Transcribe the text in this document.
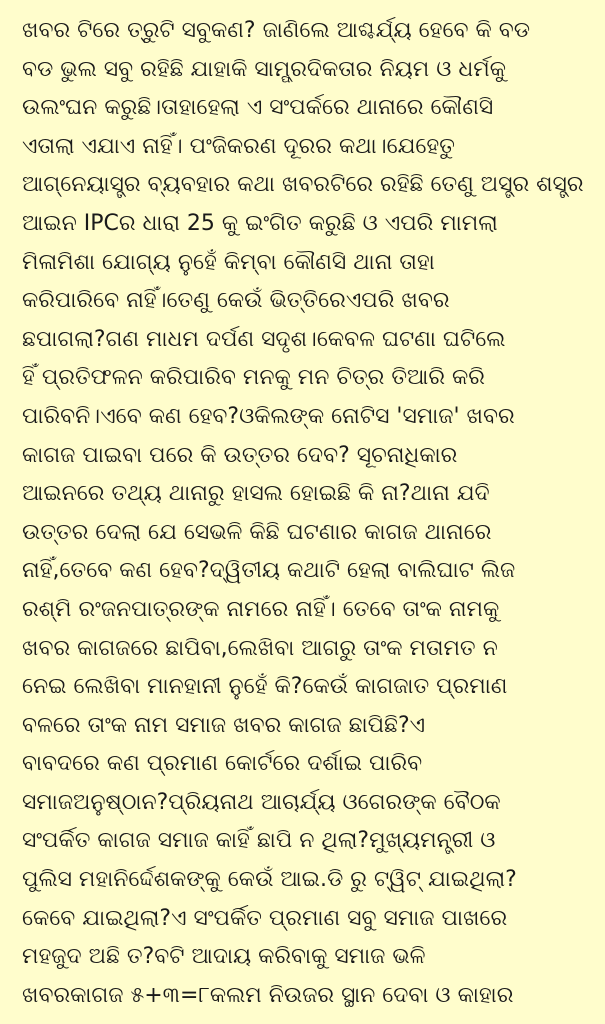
ଖବର ଟିରେ ତ୍ରୁଟି ସବୁକଣ? ଜାଣିଲେ ଆଶ୍ଚର୍ଯ୍ୟ ହେବେ କି ବଡ
ବଡ ଭୁଲ ସବୁ ରହିଛି ଯାହାକି ସାମ୍ପ୍ରଦିକତାର ନିୟମ ଓ ଧର୍ମକୁ
ଉଲଂଘନ କରୁଛି।ତାହାହେଲା ଏ ସଂପର୍କରେ ଥାନାରେ କୌଣସି
ଏତାଲା ଏଯାଏ ନାହିଁ। ପଂଜିକରଣ ଦୂରର କଥା।ଯେହେତୁ
ଆଗ୍ନେୟାସ୍ତ୍ର ବ୍ୟବହାର କଥା ଖବରଟିରେ ରହିଛି ତେଣୁ ଅସ୍ତ୍ର ଶସ୍ତ୍ର
ଆଇନ IPCର ଧାରା 25 କୁ ଇଂଗିତ କରୁଛି ଓ ଏପରି ମାମଲା
ମିଳାମିଶା ଯୋଗ୍ୟ ନୁହେଁ କିମ୍ବା କୌଣସି ଥାନା ତାହା
କରିପାରିବେ ନାହିଁ।ତେଣୁ କେଉଁ ଭିତ୍ତିରେଏପରି ଖବର
ଛପାଗଲା?ଗଣ ମାଧମ ଦର୍ପଣ ସଦୃଶ।କେବଳ ଘଟଣା ଘଟିଲେ
ହିଁ ପ୍ରତିଫଳନ କରିପାରିବ ମନକୁ ମନ ଚିତ୍ର ତିଆରି କରି
ପାରିବନି।ଏବେ କଣ ହେବ?ଓକିଲଙ୍କ ନୋଟିସ 'ସମାଜ' ଖବର
କାଗଜ ପାଇବା ପରେ କି ଉତ୍ତର ଦେବ? ସୂଚନାଧିକାର
ଆଇନରେ ତଥ୍ୟ ଥାନାରୁ ହାସଲ ହୋଇଛି କି ନା?ଥାନା ଯଦି
ଉତ୍ତର ଦେଲା ଯେ ସେଭଳି କିଛି ଘଟଣାର କାଗଜ ଥାନାରେ
ନାହିଁ,ତେବେ କଣ ହେବ?ଦ୍ୱିତୀୟ କଥାଟି ହେଲା ବାଲିଘାଟ ଲିଜ
ରଶ୍ମି ରଂଜନପାତ୍ରଙ୍କ ନାମରେ ନାହିଁ। ତେବେ ତାଂକ ନାମକୁ
ଖବର କାଗଜରେ ଛାପିବା,ଲେଖିବା ଆଗରୁ ତାଂକ ମତାମତ ନ
ନେଇ ଲେଖିବା ମାନହାନୀ ନୁହେଁ କି?କେଉଁ କାଗଜାତ ପ୍ରମାଣ
ବଳରେ ତାଂକ ନାମ ସମାଜ ଖବର କାଗଜ ଛାପିଛି?ଏ
ବାବଦରେ କଣ ପ୍ରମାଣ କୋର୍ଟରେ ଦର୍ଶାଇ ପାରିବ
ସମାଜଅନୁଷ୍ଠାନ?ପ୍ରିୟନାଥ ଆଚାର୍ଯ୍ୟ ଓଗେରଙ୍କ ବୈଠକ
ସଂପର୍କିତ କାଗଜ ସମାଜ କାହିଁ ଛାପି ନ ଥିଲା?ମୁଖ୍ୟମନ୍ତ୍ରୀ ଓ
ପୁଲିସ ମହାନିର୍ଦ୍ଦେଶକଙ୍କୁ କେଉଁ ଆଇ.ଡି ରୁ ଟ୍ୱିଟ୍ ଯାଇଥିଲା?
କେବେ ଯାଇଥିଲା?ଏ ସଂପର୍କିତ ପ୍ରମାଣ ସବୁ ସମାଜ ପାଖରେ
ମହଜୁଦ ଅଛି ତ?ବଟି ଆଦାୟ କରିବାକୁ ସମାଜ ଭଳି
ଖବରକାଗଜ ୫+୩=୮କଲମ ନିଉଜର ସ୍ଥାନ ଦେବା ଓ କାହାର
